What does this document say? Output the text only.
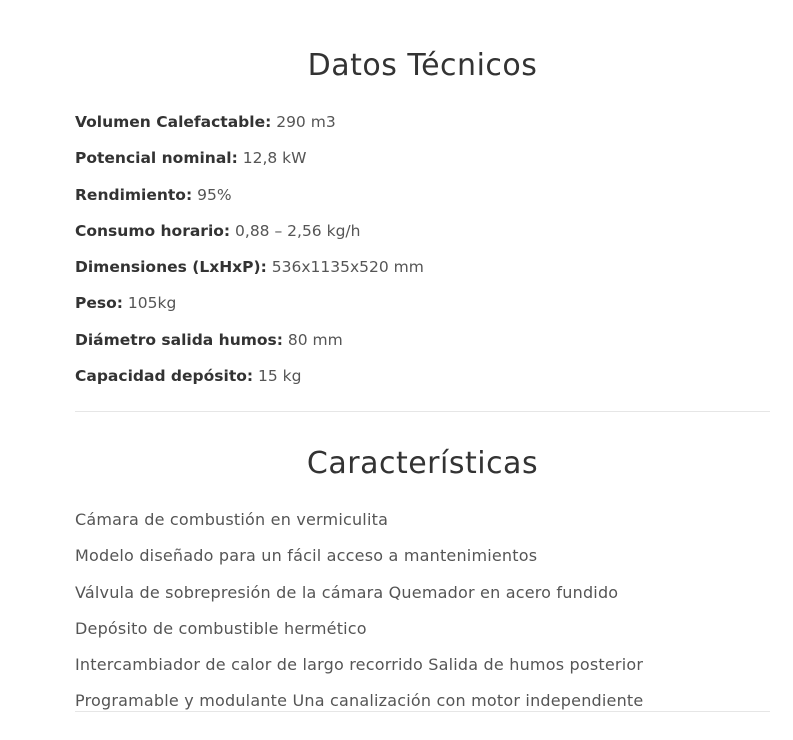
Datos Técnicos
Volumen Calefactable: 290 m3
Potencial nominal: 12,8 kW
Rendimiento: 95%
Consumo horario: 0,88 – 2,56 kg/h
Dimensiones (LxHxP): 536x1135x520 mm
Peso: 105kg
Diámetro salida humos: 80 mm
Capacidad depósito: 15 kg
Características
Cámara de combustión en vermiculita
Modelo diseñado para un fácil acceso a mantenimientos
Válvula de sobrepresión de la cámara Quemador en acero fundido
Depósito de combustible hermético
Intercambiador de calor de largo recorrido Salida de humos posterior
Programable y modulante Una canalización con motor independiente
